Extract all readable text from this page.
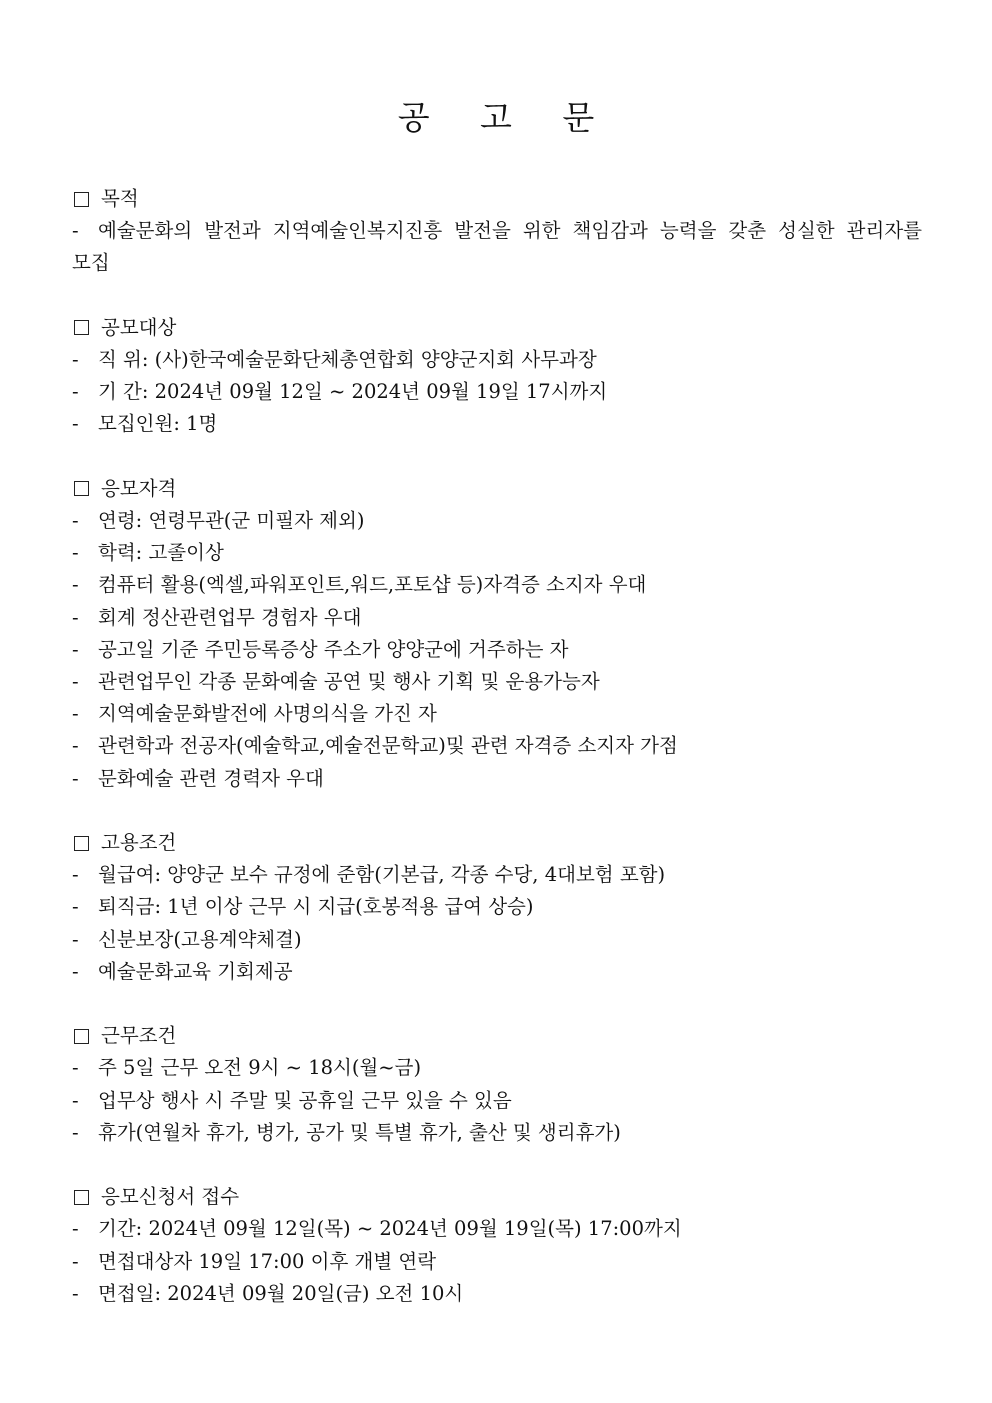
공 고 문
목적

- 예술문화의 발전과 지역예술인복지진흥 발전을 위한 책임감과 능력을 갖춘 성실한 관리자를 모집

공모대상

- 직 위: (사)한국예술문화단체총연합회 양양군지회 사무과장

- 기 간: 2024년 09월 12일 ~ 2024년 09월 19일 17시까지

- 모집인원: 1명

응모자격

- 연령: 연령무관(군 미필자 제외)

- 학력: 고졸이상

- 컴퓨터 활용(엑셀,파워포인트,워드,포토샵 등)자격증 소지자 우대

- 회계 정산관련업무 경험자 우대

- 공고일 기준 주민등록증상 주소가 양양군에 거주하는 자

- 관련업무인 각종 문화예술 공연 및 행사 기획 및 운용가능자

- 지역예술문화발전에 사명의식을 가진 자

- 관련학과 전공자(예술학교,예술전문학교)및 관련 자격증 소지자 가점

- 문화예술 관련 경력자 우대

고용조건

- 월급여: 양양군 보수 규정에 준함(기본급, 각종 수당, 4대보험 포함)

- 퇴직금: 1년 이상 근무 시 지급(호봉적용 급여 상승)

- 신분보장(고용계약체결)

- 예술문화교육 기회제공

근무조건

- 주 5일 근무 오전 9시 ~ 18시(월~금)

- 업무상 행사 시 주말 및 공휴일 근무 있을 수 있음

- 휴가(연월차 휴가, 병가, 공가 및 특별 휴가, 출산 및 생리휴가)

응모신청서 접수

- 기간: 2024년 09월 12일(목) ~ 2024년 09월 19일(목) 17:00까지

- 면접대상자 19일 17:00 이후 개별 연락

- 면접일: 2024년 09월 20일(금) 오전 10시
